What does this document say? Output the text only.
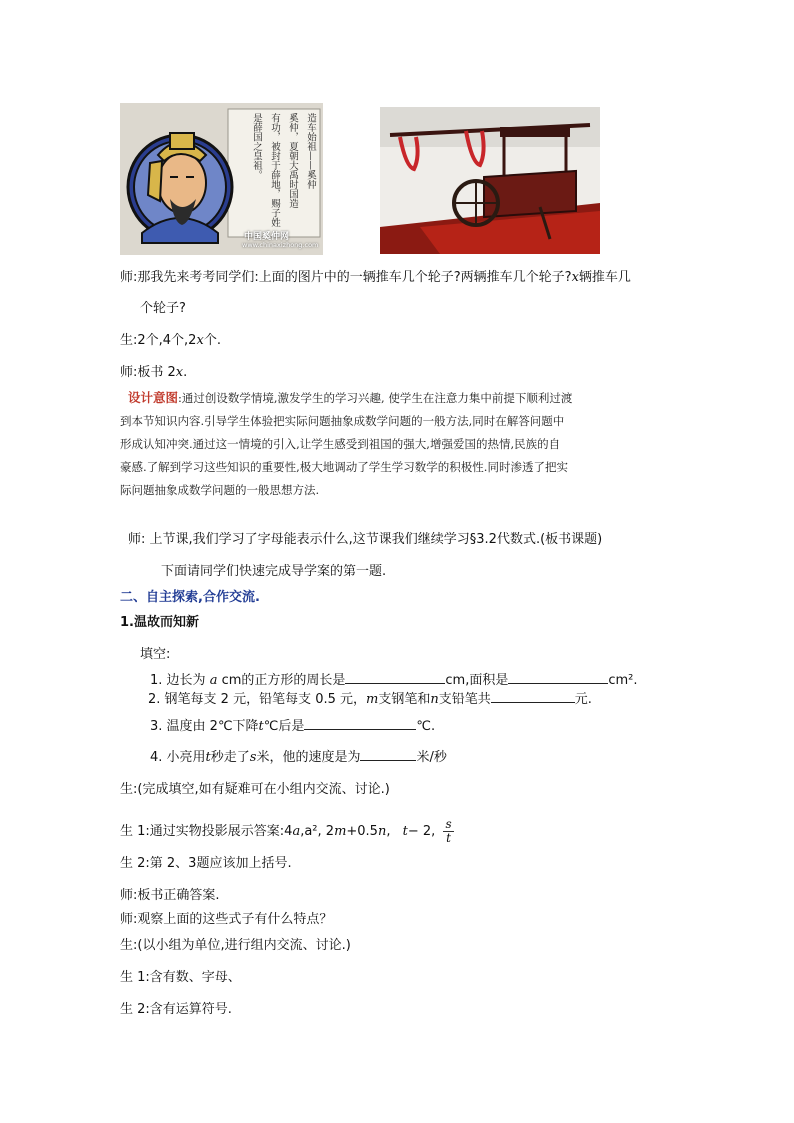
造车始祖——奚仲
奚仲，夏朝大禹时国造
有功，被封于薛地，赐子姓
是薛国之皇祖。
中国奚仲网
www.chinaxizhong.com
师:那我先来考考同学们:上面的图片中的一辆推车几个轮子?两辆推车几个轮子?x辆推车几
个轮子?
生:2个,4个,2x个.
师:板书 2x.
设计意图:通过创设数学情境,激发学生的学习兴趣, 使学生在注意力集中前提下顺利过渡
到本节知识内容.引导学生体验把实际问题抽象成数学问题的一般方法,同时在解答问题中
形成认知冲突.通过这一情境的引入,让学生感受到祖国的强大,增强爱国的热情,民族的自
豪感.了解到学习这些知识的重要性,极大地调动了学生学习数学的积极性.同时渗透了把实
际问题抽象成数学问题的一般思想方法.
师: 上节课,我们学习了字母能表示什么,这节课我们继续学习§3.2代数式.(板书课题)
下面请同学们快速完成导学案的第一题.
二、自主探索,合作交流.
1.温故而知新
填空:
1. 边长为 a cm的正方形的周长是	cm,面积是	cm².
2. 钢笔每支 2 元，铅笔每支 0.5 元，m支钢笔和n支铅笔共	元.
3. 温度由 2℃下降t℃后是	℃.
4. 小亮用t秒走了s米，他的速度是为	米/秒
生:(完成填空,如有疑难可在小组内交流、讨论.)
生 1:通过实物投影展示答案:4a,a², 2m+0.5n, t− 2, $\frac{s}{t}$
生 2:第 2、3题应该加上括号.
师:板书正确答案.
师:观察上面的这些式子有什么特点？
生:(以小组为单位,进行组内交流、讨论.)
生 1:含有数、字母、
生 2:含有运算符号.
